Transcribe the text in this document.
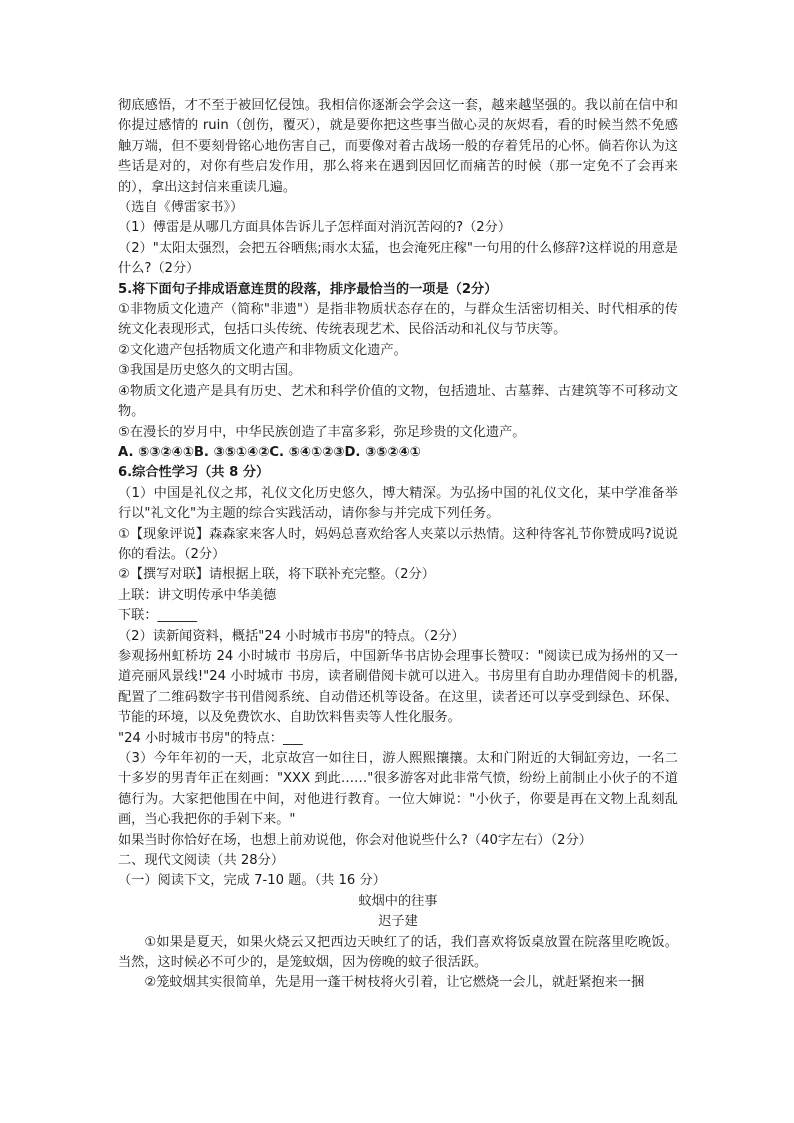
彻底感悟，才不至于被回忆侵蚀。我相信你逐渐会学会这一套，越来越坚强的。我以前在信中和你提过感情的 ruin（创伤，覆灭），就是要你把这些事当做心灵的灰烬看，看的时候当然不免感触万端，但不要刻骨铭心地伤害自己，而要像对着古战场一般的存着凭吊的心怀。倘若你认为这些话是对的，对你有些启发作用，那么将来在遇到因回忆而痛苦的时候（那一定免不了会再来的），拿出这封信来重读几遍。

（选自《傅雷家书》）

（1）傅雷是从哪几方面具体告诉儿子怎样面对消沉苦闷的?（2分）

（2）"太阳太强烈，会把五谷晒焦;雨水太猛，也会淹死庄稼"一句用的什么修辞?这样说的用意是什么?（2分）

5.将下面句子排成语意连贯的段落，排序最恰当的一项是（2分）

①非物质文化遗产（简称"非遗"）是指非物质状态存在的，与群众生活密切相关、时代相承的传统文化表现形式，包括口头传统、传统表现艺术、民俗活动和礼仪与节庆等。

②文化遗产包括物质文化遗产和非物质文化遗产。

③我国是历史悠久的文明古国。

④物质文化遗产是具有历史、艺术和科学价值的文物，包括遗址、古墓葬、古建筑等不可移动文物。

⑤在漫长的岁月中，中华民族创造了丰富多彩，弥足珍贵的文化遗产。

A. ⑤③②④①B. ③⑤①④②C. ⑤④①②③D. ③⑤②④①

6.综合性学习（共 8 分）

（1）中国是礼仪之邦，礼仪文化历史悠久，博大精深。为弘扬中国的礼仪文化，某中学准备举行以"礼文化"为主题的综合实践活动，请你参与并完成下列任务。

①【现象评说】森森家来客人时，妈妈总喜欢给客人夹菜以示热情。这种待客礼节你赞成吗?说说你的看法。（2分）

②【撰写对联】请根据上联，将下联补充完整。（2分）

上联：讲文明传承中华美德

下联：______

（2）读新闻资料，概括"24 小时城市书房"的特点。（2分）

参观扬州虹桥坊 24 小时城市 书房后，中国新华书店协会理事长赞叹："阅读已成为扬州的又一道亮丽风景线!"24 小时城市 书房，读者刷借阅卡就可以进入。书房里有自助办理借阅卡的机器,配置了二维码数字书刊借阅系统、自动借还机等设备。在这里，读者还可以享受到绿色、环保、节能的环境，以及免费饮水、自助饮料售卖等人性化服务。

"24 小时城市书房"的特点：___

（3）今年年初的一天，北京故宫一如往日，游人熙熙攘攘。太和门附近的大铜缸旁边，一名二十多岁的男青年正在刻画："XXX 到此……"很多游客对此非常气愤，纷纷上前制止小伙子的不道德行为。大家把他围在中间，对他进行教育。一位大婶说："小伙子，你要是再在文物上乱刻乱画，当心我把你的手剁下来。"

如果当时你恰好在场，也想上前劝说他，你会对他说些什么?（40字左右）（2分）

二、现代文阅读（共 28分）

（一）阅读下文，完成 7-10 题。（共 16 分）

蚊烟中的往事

迟子建

①如果是夏天，如果火烧云又把西边天映红了的话，我们喜欢将饭桌放置在院落里吃晚饭。当然，这时候必不可少的，是笼蚊烟，因为傍晚的蚊子很活跃。

②笼蚊烟其实很简单，先是用一蓬干树枝将火引着，让它燃烧一会儿，就赶紧抱来一捆
